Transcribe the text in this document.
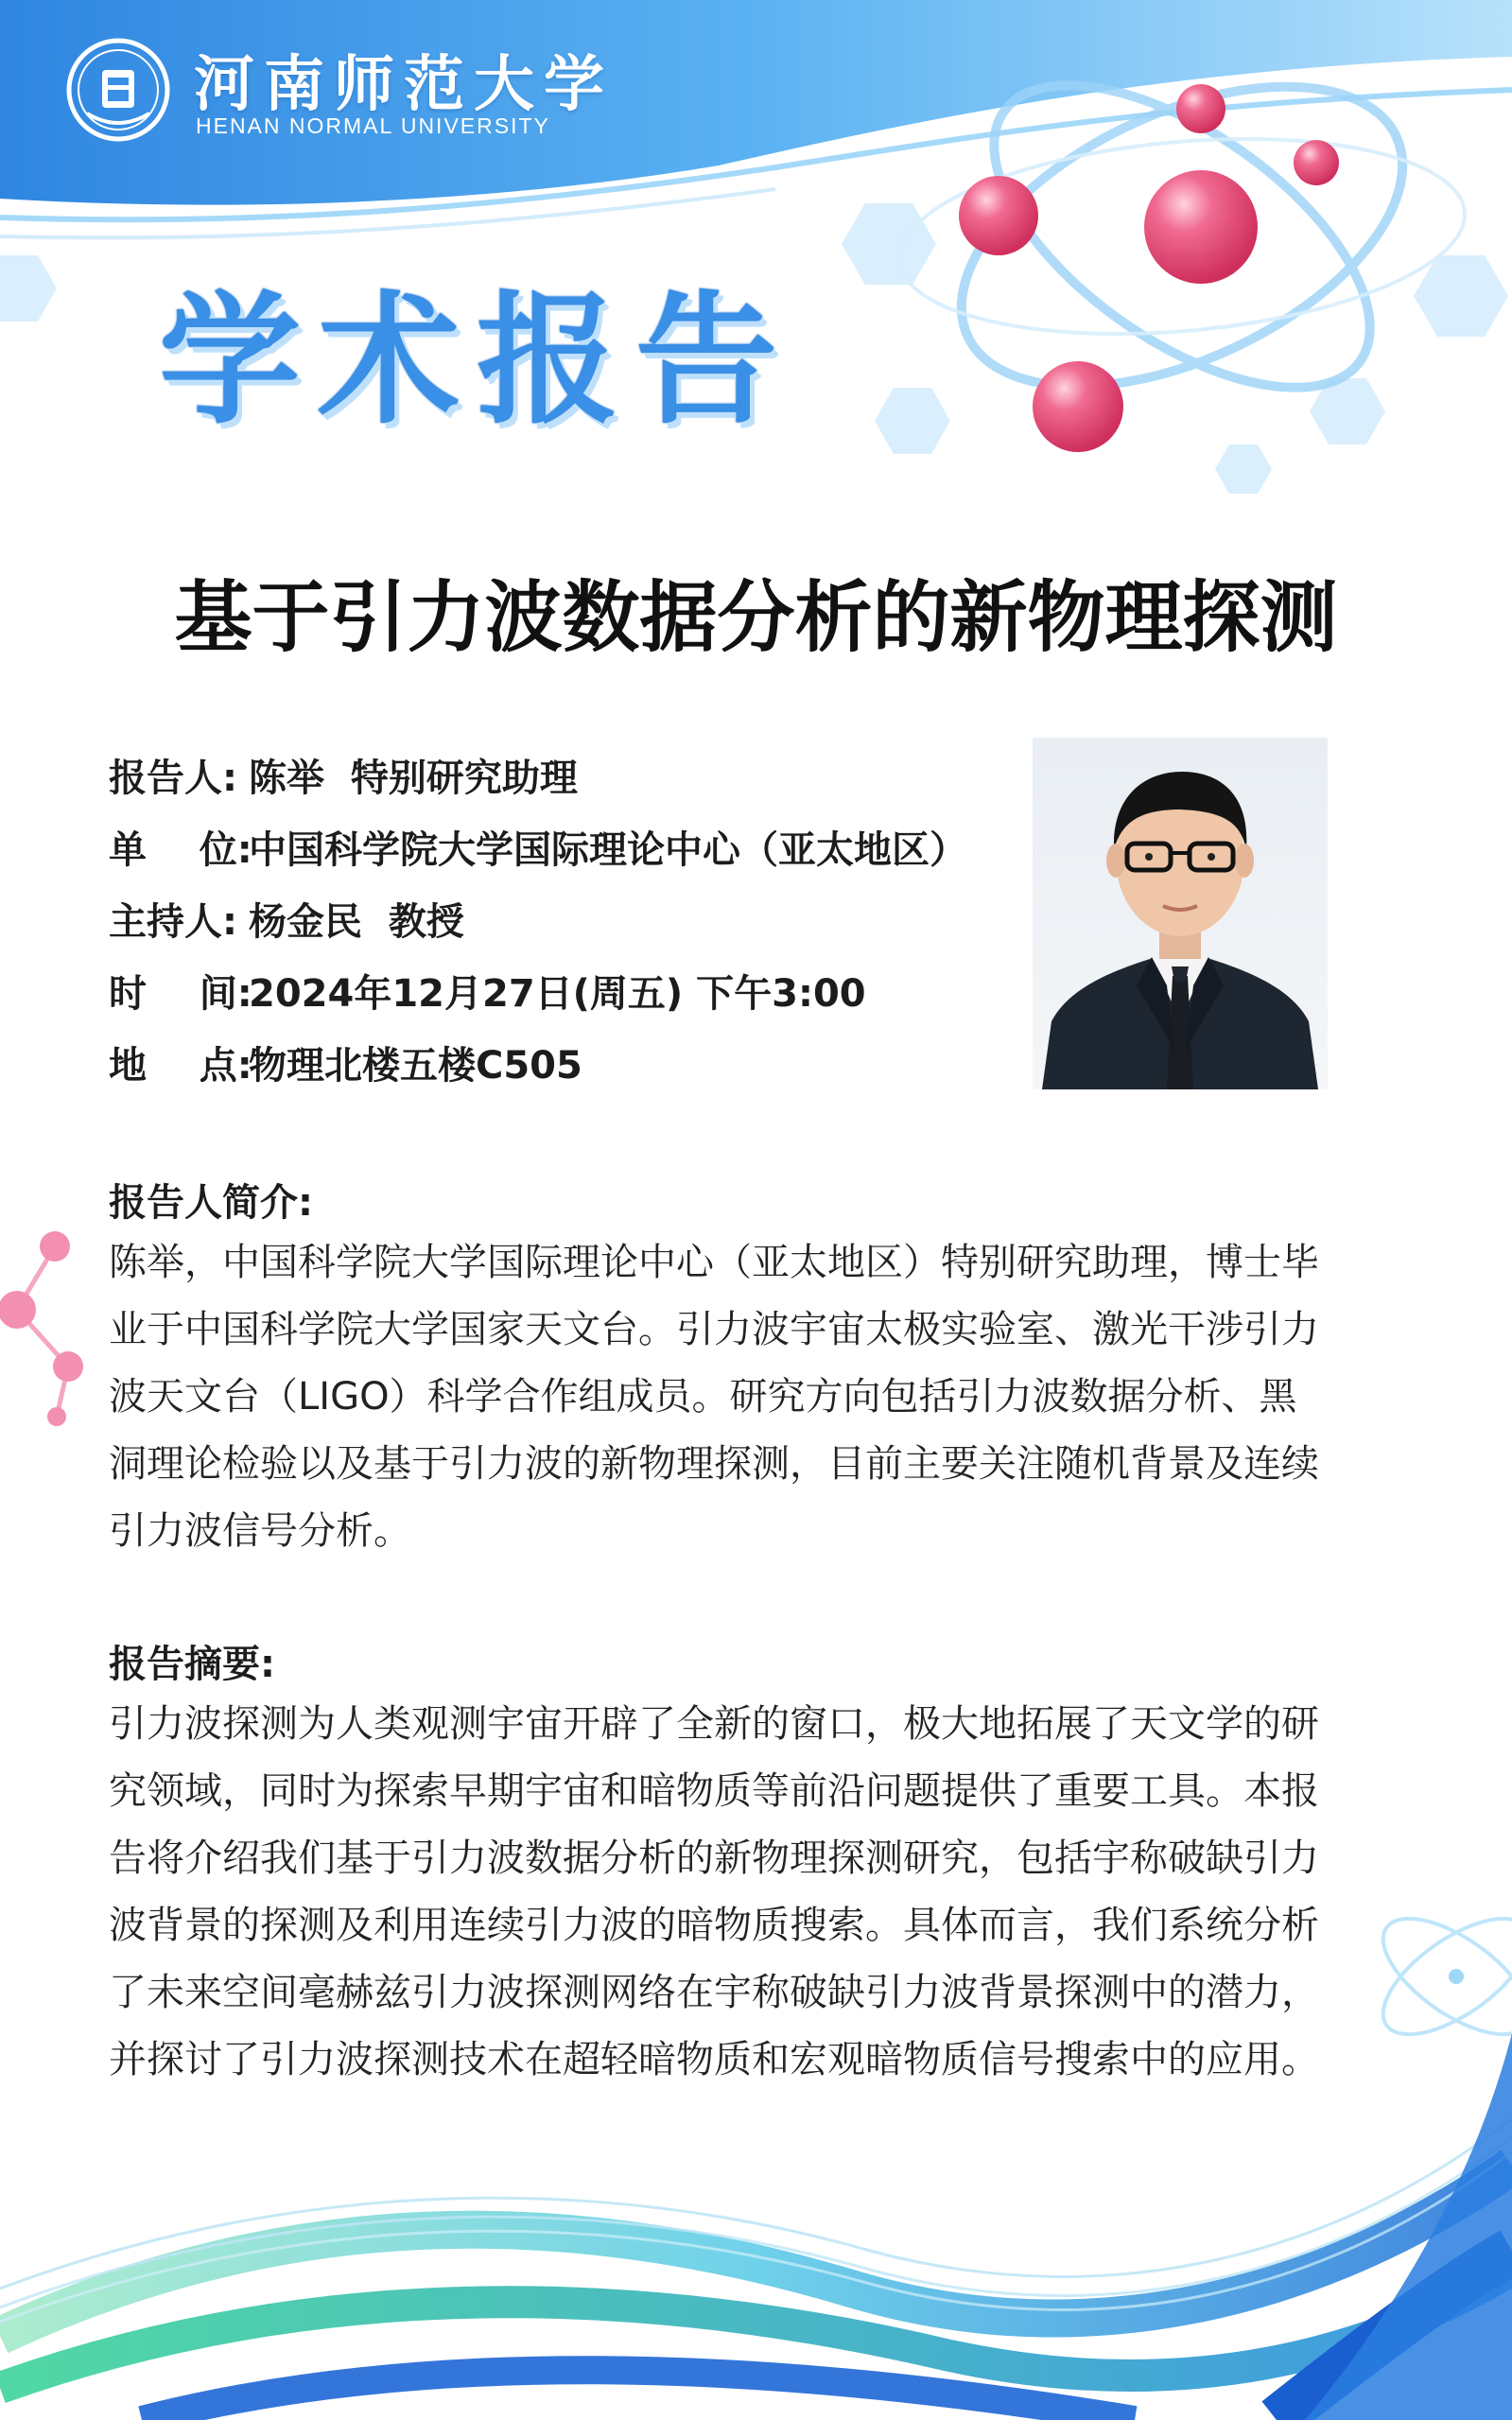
河南师范大学
HENAN NORMAL UNIVERSITY
学术报告
基于引力波数据分析的新物理探测
报告人: 陈举  特别研究助理
单    位:中国科学院大学国际理论中心（亚太地区）
主持人: 杨金民  教授
时    间:2024年12月27日(周五) 下午3:00
地    点:物理北楼五楼C505
报告人简介:
陈举，中国科学院大学国际理论中心（亚太地区）特别研究助理，博士毕
业于中国科学院大学国家天文台。引力波宇宙太极实验室、激光干涉引力
波天文台（LIGO）科学合作组成员。研究方向包括引力波数据分析、黑
洞理论检验以及基于引力波的新物理探测，目前主要关注随机背景及连续
引力波信号分析。
报告摘要:
引力波探测为人类观测宇宙开辟了全新的窗口，极大地拓展了天文学的研
究领域，同时为探索早期宇宙和暗物质等前沿问题提供了重要工具。本报
告将介绍我们基于引力波数据分析的新物理探测研究，包括宇称破缺引力
波背景的探测及利用连续引力波的暗物质搜索。具体而言，我们系统分析
了未来空间毫赫兹引力波探测网络在宇称破缺引力波背景探测中的潜力，
并探讨了引力波探测技术在超轻暗物质和宏观暗物质信号搜索中的应用。
